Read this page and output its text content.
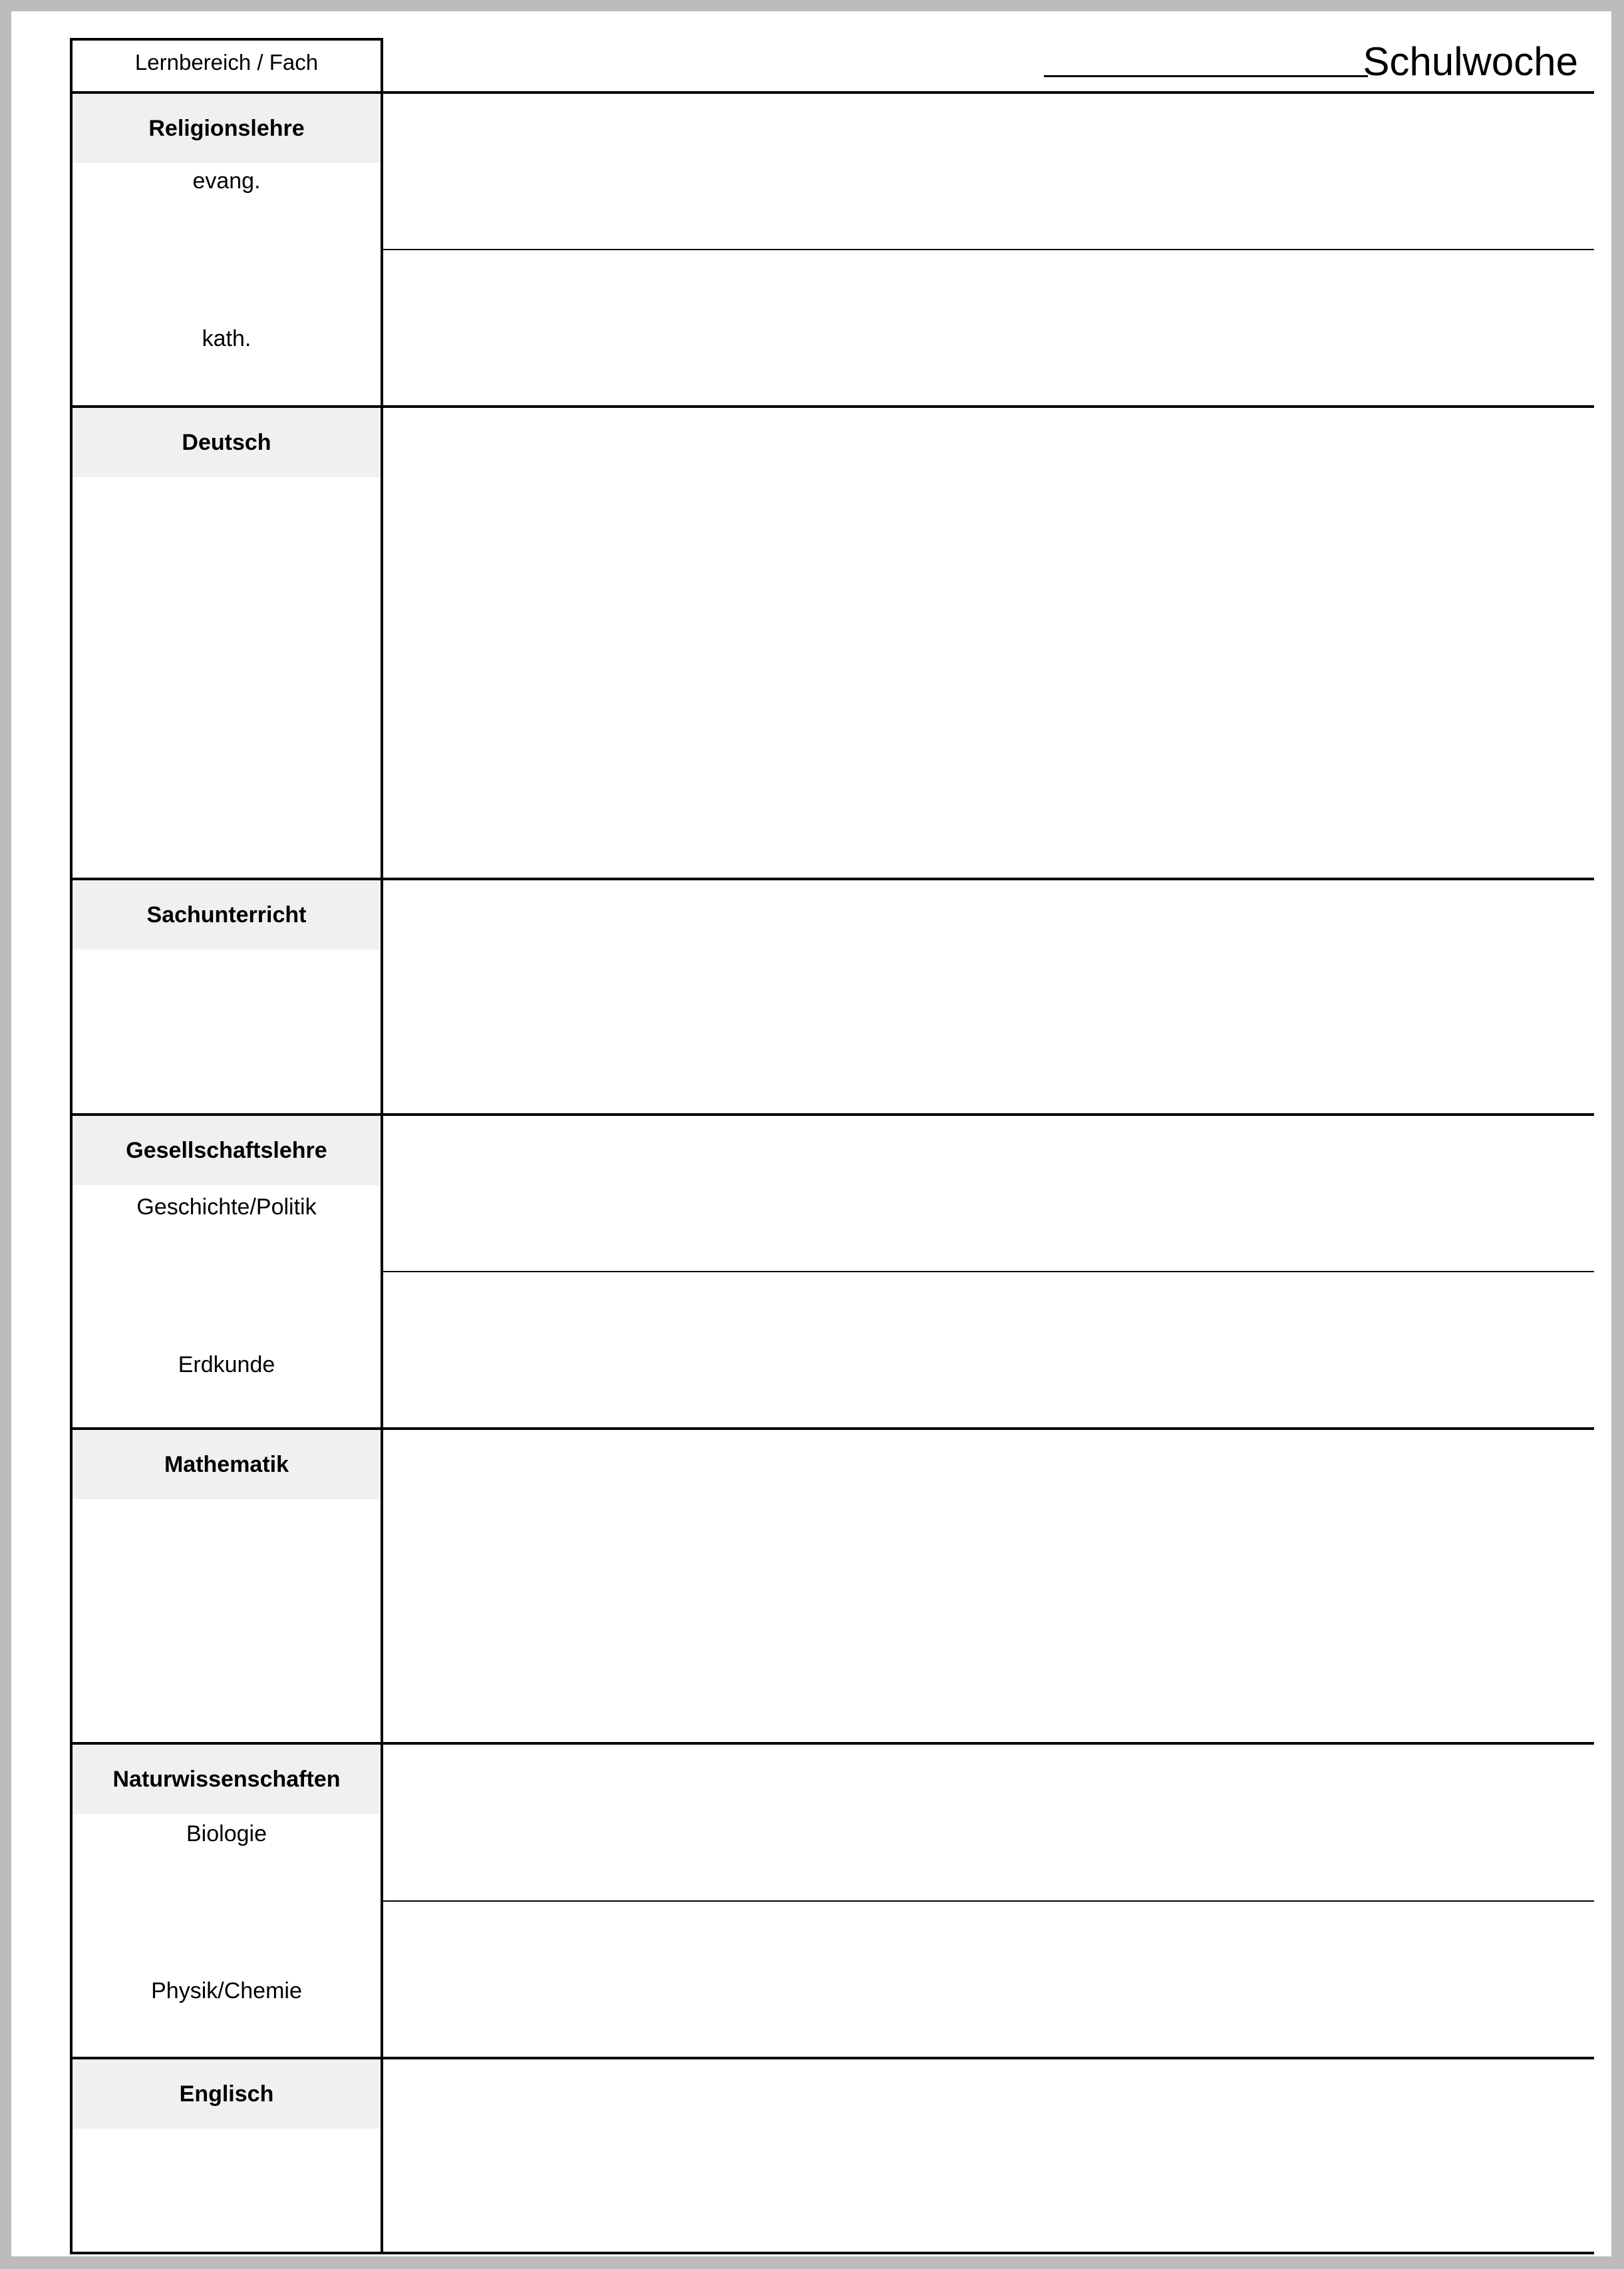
Lernbereich / Fach	Schulwoche
Religionslehre
evang.
kath.
Deutsch
Sachunterricht
Gesellschaftslehre
Geschichte/Politik
Erdkunde
Mathematik
Naturwissenschaften
Biologie
Physik/Chemie
Englisch
